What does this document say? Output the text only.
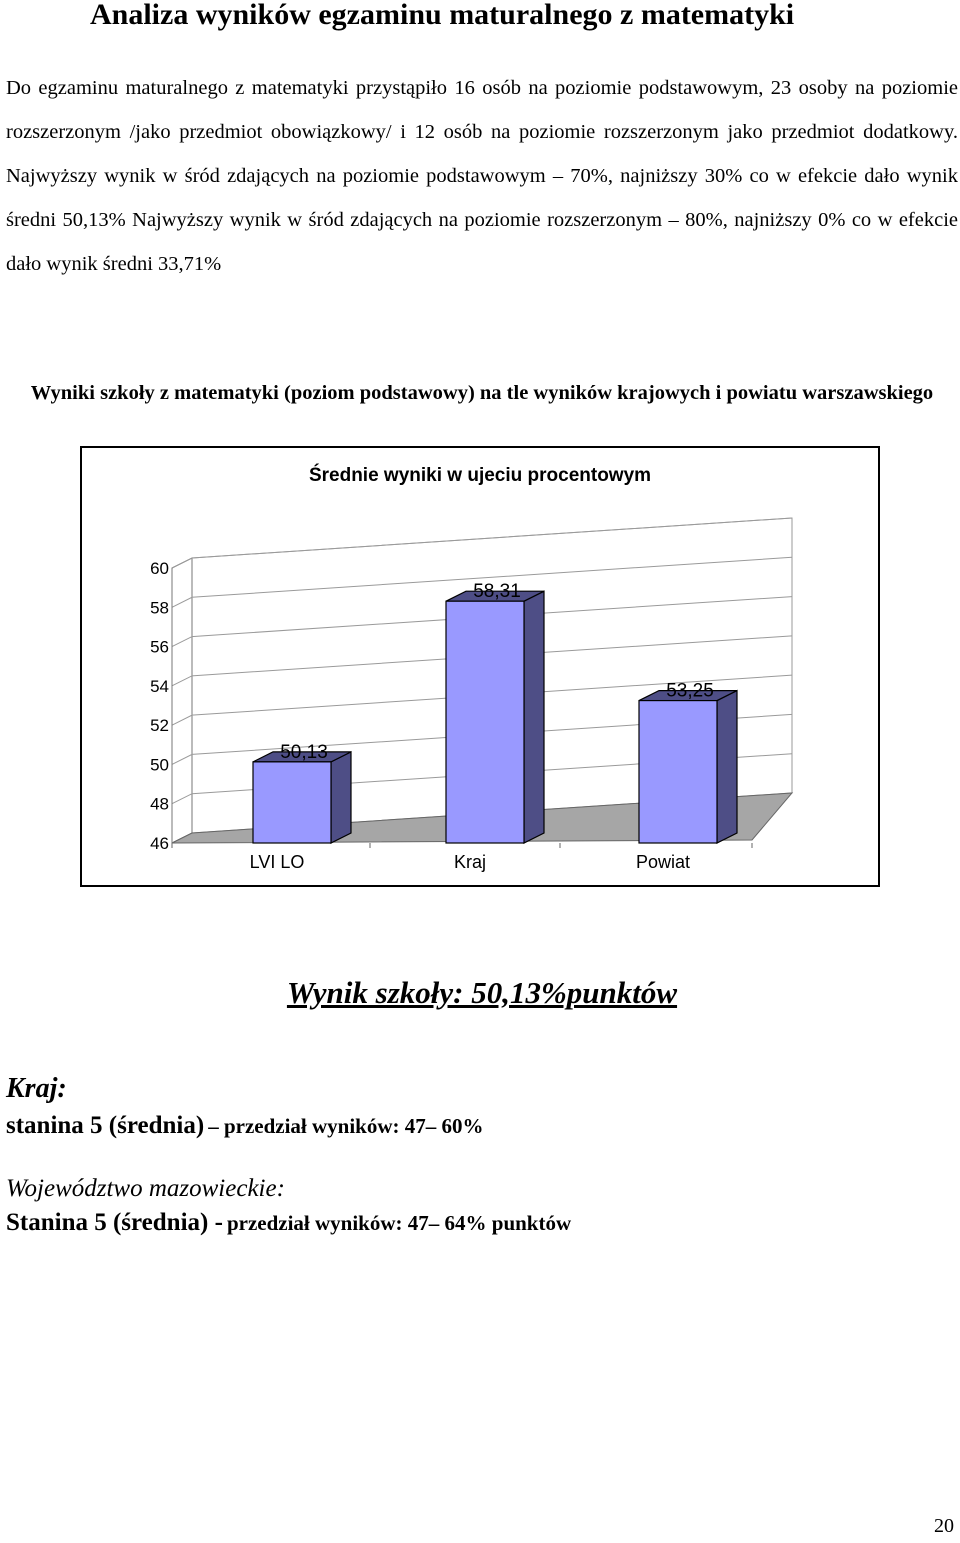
Analiza wyników egzaminu maturalnego z matematyki

Do egzaminu maturalnego z matematyki przystąpiło 16 osób na poziomie podstawowym, 23 osoby na poziomie rozszerzonym /jako przedmiot obowiązkowy/ i 12 osób na poziomie rozszerzonym jako przedmiot dodatkowy. Najwyższy wynik w śród zdających na poziomie podstawowym – 70%, najniższy 30% co w efekcie dało wynik średni 50,13% Najwyższy wynik w śród zdających na poziomie rozszerzonym – 80%, najniższy 0% co w efekcie dało wynik średni 33,71%

Wyniki szkoły z matematyki (poziom podstawowy) na tle wyników krajowych i powiatu warszawskiego

Średnie wyniki w ujeciu procentowym
46
48
50
52
54
56
58
60
50,13
58,31
53,25
LVI LO	Kraj	Powiat
Wynik szkoły: 50,13%punktów
Kraj:
stanina 5 (średnia) – przedział wyników: 47– 60%
Województwo mazowieckie:
Stanina 5 (średnia) - przedział wyników: 47– 64% punktów
20
